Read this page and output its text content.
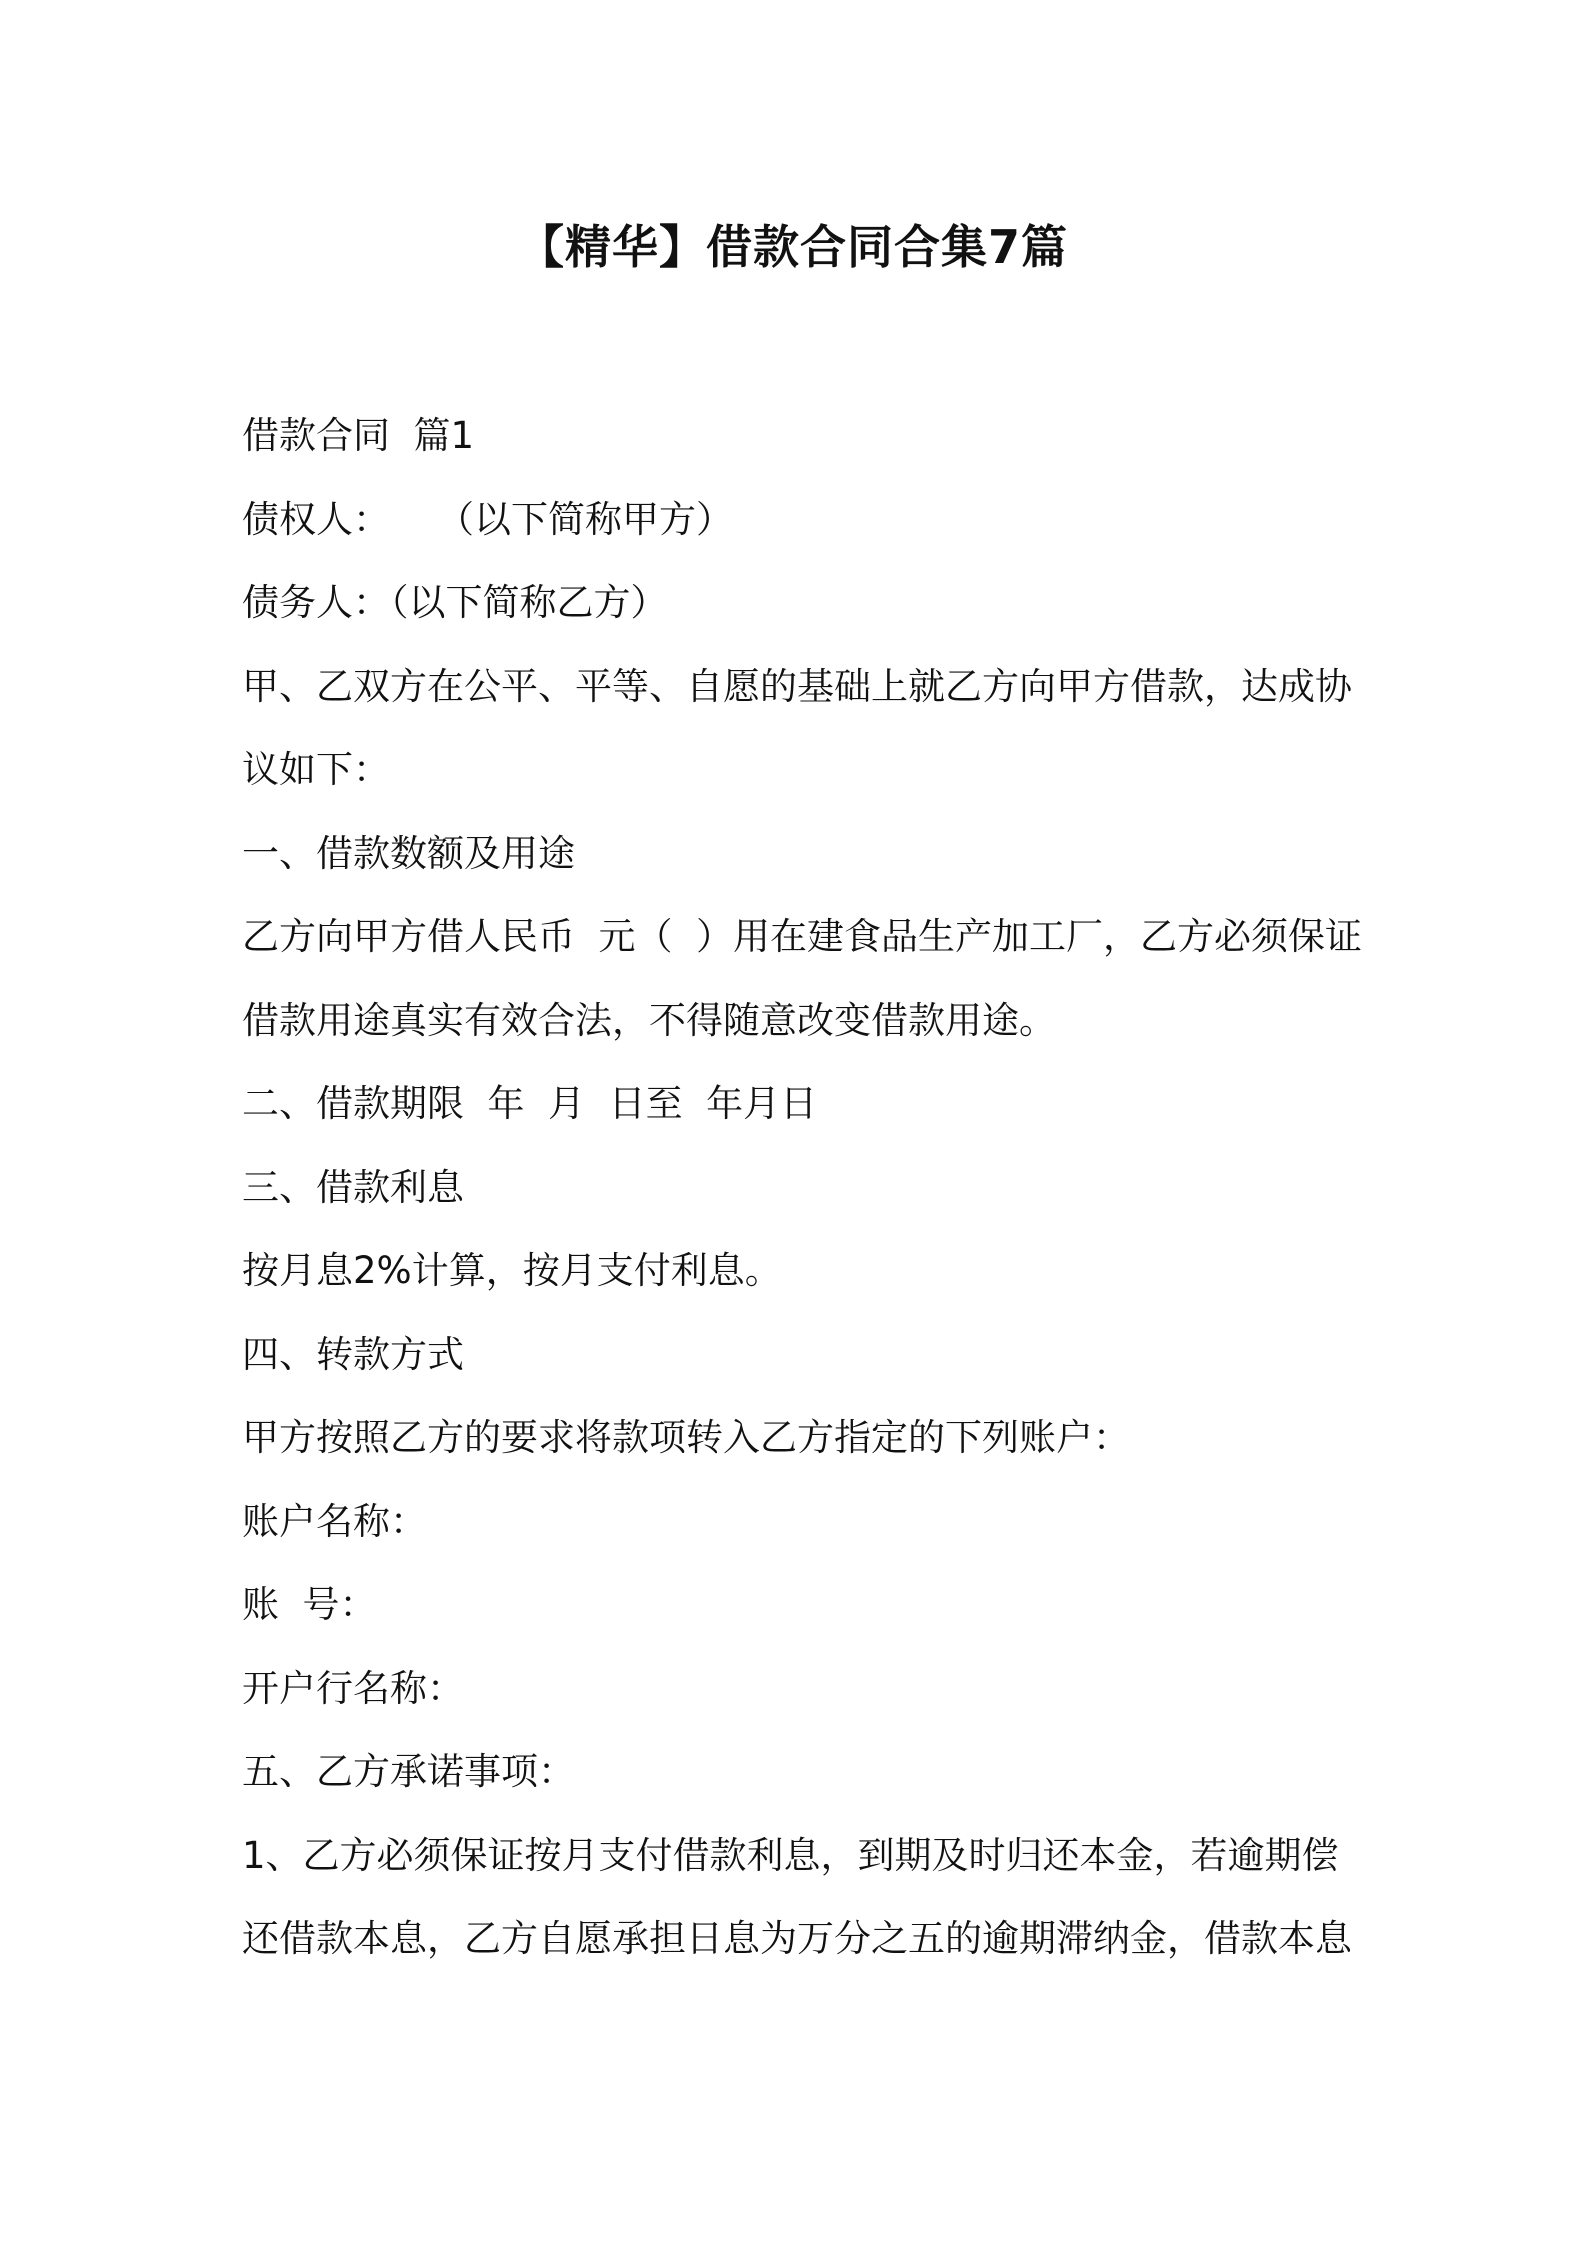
【精华】借款合同合集7篇
借款合同  篇1
债权人：    （以下简称甲方）
债务人：（以下简称乙方）
甲、乙双方在公平、平等、自愿的基础上就乙方向甲方借款，达成协
议如下：
一、借款数额及用途
乙方向甲方借人民币  元（  ）用在建食品生产加工厂，乙方必须保证
借款用途真实有效合法，不得随意改变借款用途。
二、借款期限  年  月  日至  年月日
三、借款利息
按月息2%计算，按月支付利息。
四、转款方式
甲方按照乙方的要求将款项转入乙方指定的下列账户：
账户名称：
账  号：
开户行名称：
五、乙方承诺事项：
1、乙方必须保证按月支付借款利息，到期及时归还本金，若逾期偿
还借款本息，乙方自愿承担日息为万分之五的逾期滞纳金，借款本息
